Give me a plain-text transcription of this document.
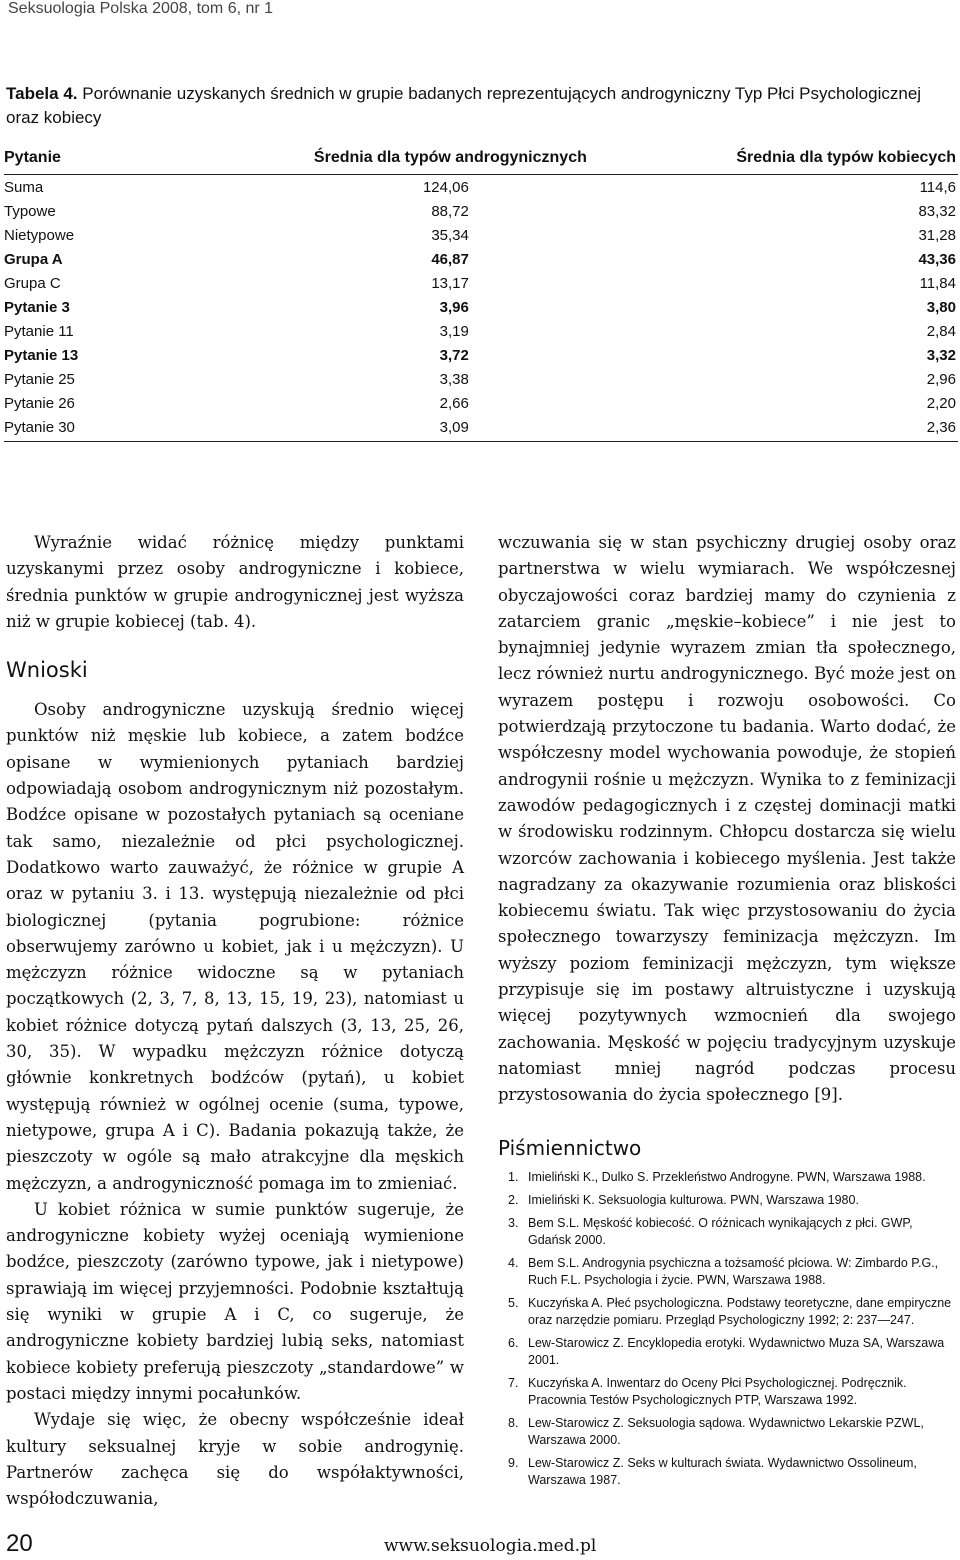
Seksuologia Polska 2008, tom 6, nr 1
Tabela 4. Porównanie uzyskanych średnich w grupie badanych reprezentujących androgyniczny Typ Płci Psychologicznej oraz kobiecy
Pytanie	Średnia dla typów androgynicznych	Średnia dla typów kobiecych
Suma	124,06	114,6
Typowe	88,72	83,32
Nietypowe	35,34	31,28
Grupa A	46,87	43,36
Grupa C	13,17	11,84
Pytanie 3	3,96	3,80
Pytanie 11	3,19	2,84
Pytanie 13	3,72	3,32
Pytanie 25	3,38	2,96
Pytanie 26	2,66	2,20
Pytanie 30	3,09	2,36

Wyraźnie widać różnicę między punktami uzyskanymi przez osoby androgyniczne i kobiece, średnia punktów w grupie androgynicznej jest wyższa niż w grupie kobiecej (tab. 4).

Wnioski

Osoby androgyniczne uzyskują średnio więcej punktów niż męskie lub kobiece, a zatem bodźce opisane w wymienionych pytaniach bardziej odpowiadają osobom androgynicznym niż pozostałym. Bodźce opisane w pozostałych pytaniach są oceniane tak samo, niezależnie od płci psychologicznej. Dodatkowo warto zauważyć, że różnice w grupie A oraz w pytaniu 3. i 13. występują niezależnie od płci biologicznej (pytania pogrubione: różnice obserwujemy zarówno u kobiet, jak i u mężczyzn). U mężczyzn różnice widoczne są w pytaniach początkowych (2, 3, 7, 8, 13, 15, 19, 23), natomiast u kobiet różnice dotyczą pytań dalszych (3, 13, 25, 26, 30, 35). W wypadku mężczyzn różnice dotyczą głównie konkretnych bodźców (pytań), u kobiet występują również w ogólnej ocenie (suma, typowe, nietypowe, grupa A i C). Badania pokazują także, że pieszczoty w ogóle są mało atrakcyjne dla męskich mężczyzn, a androgyniczność pomaga im to zmieniać.

U kobiet różnica w sumie punktów sugeruje, że androgyniczne kobiety wyżej oceniają wymienione bodźce, pieszczoty (zarówno typowe, jak i nietypowe) sprawiają im więcej przyjemności. Podobnie kształtują się wyniki w grupie A i C, co sugeruje, że androgyniczne kobiety bardziej lubią seks, natomiast kobiece kobiety preferują pieszczoty „standardowe” w postaci między innymi pocałunków.

Wydaje się więc, że obecny współcześnie ideał kultury seksualnej kryje w sobie androgynię. Partnerów zachęca się do współaktywności, współodczuwania,

wczuwania się w stan psychiczny drugiej osoby oraz partnerstwa w wielu wymiarach. We współczesnej obyczajowości coraz bardziej mamy do czynienia z zatarciem granic „męskie–kobiece” i nie jest to bynajmniej jedynie wyrazem zmian tła społecznego, lecz również nurtu androgynicznego. Być może jest on wyrazem postępu i rozwoju osobowości. Co potwierdzają przytoczone tu badania. Warto dodać, że współczesny model wychowania powoduje, że stopień androgynii rośnie u mężczyzn. Wynika to z feminizacji zawodów pedagogicznych i z częstej dominacji matki w środowisku rodzinnym. Chłopcu dostarcza się wielu wzorców zachowania i kobiecego myślenia. Jest także nagradzany za okazywanie rozumienia oraz bliskości kobiecemu światu. Tak więc przystosowaniu do życia społecznego towarzyszy feminizacja mężczyzn. Im wyższy poziom feminizacji mężczyzn, tym większe przypisuje się im postawy altruistyczne i uzyskują więcej pozytywnych wzmocnień dla swojego zachowania. Męskość w pojęciu tradycyjnym uzyskuje natomiast mniej nagród podczas procesu przystosowania do życia społecznego [9].

Piśmiennictwo
1. Imieliński K., Dulko S. Przekleństwo Androgyne. PWN, Warszawa 1988.
2. Imieliński K. Seksuologia kulturowa. PWN, Warszawa 1980.
3. Bem S.L. Męskość kobiecość. O różnicach wynikających z płci. GWP, Gdańsk 2000.
4. Bem S.L. Androgynia psychiczna a tożsamość płciowa. W: Zimbardo P.G., Ruch F.L. Psychologia i życie. PWN, Warszawa 1988.
5. Kuczyńska A. Płeć psychologiczna. Podstawy teoretyczne, dane empiryczne oraz narzędzie pomiaru. Przegląd Psychologiczny 1992; 2: 237—247.
6. Lew-Starowicz Z. Encyklopedia erotyki. Wydawnictwo Muza SA, Warszawa 2001.
7. Kuczyńska A. Inwentarz do Oceny Płci Psychologicznej. Podręcznik. Pracownia Testów Psychologicznych PTP, Warszawa 1992.
8. Lew-Starowicz Z. Seksuologia sądowa. Wydawnictwo Lekarskie PZWL, Warszawa 2000.
9. Lew-Starowicz Z. Seks w kulturach świata. Wydawnictwo Ossolineum, Warszawa 1987.
20	www.seksuologia.med.pl
